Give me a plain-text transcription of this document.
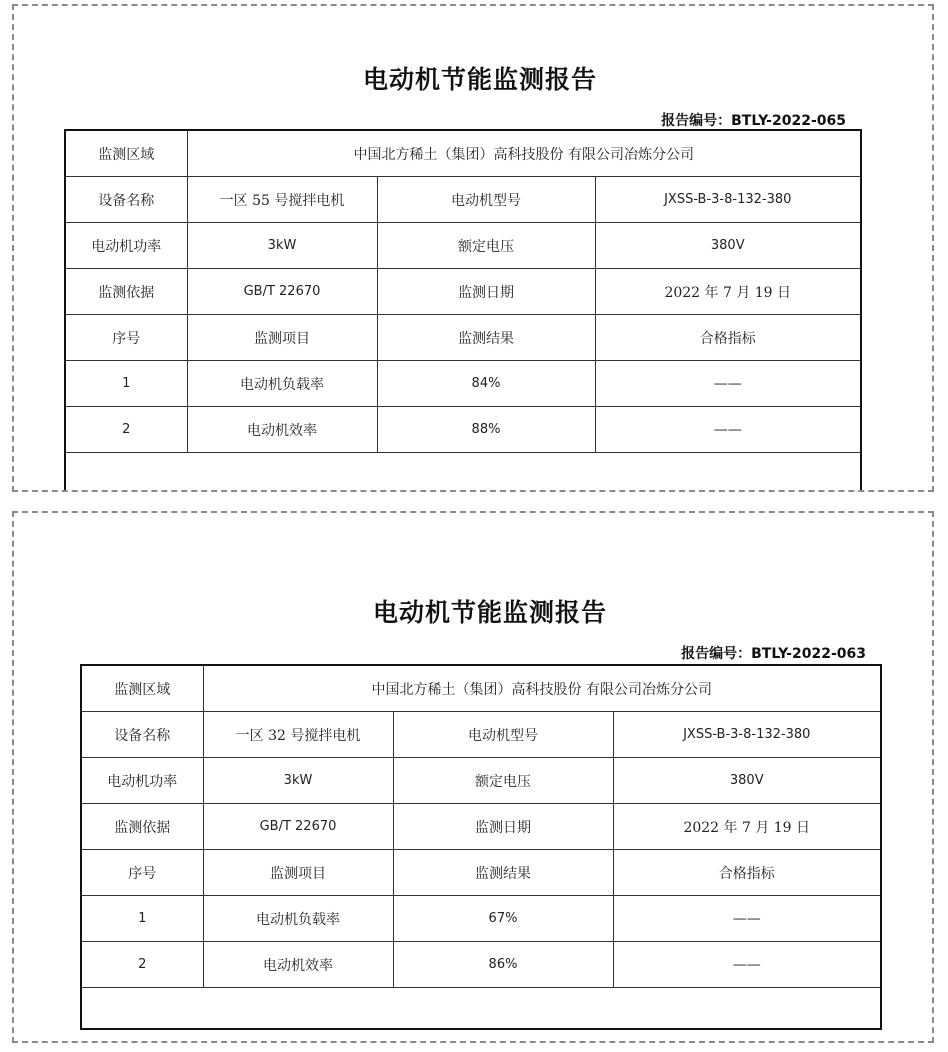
电动机节能监测报告
报告编号：BTLY-2022-065
监测区域	中国北方稀土（集团）高科技股份 有限公司冶炼分公司		
设备名称	一区 55 号搅拌电机	电动机型号	JXSS-B-3-8-132-380
电动机功率	3kW	额定电压	380V
监测依据	GB/T 22670	监测日期	2022 年 7 月 19 日
序号	监测项目	监测结果	合格指标
1	电动机负载率	84%	——
2	电动机效率	88%	——

电动机节能监测报告
报告编号：BTLY-2022-063
监测区域	中国北方稀土（集团）高科技股份 有限公司冶炼分公司		
设备名称	一区 32 号搅拌电机	电动机型号	JXSS-B-3-8-132-380
电动机功率	3kW	额定电压	380V
监测依据	GB/T 22670	监测日期	2022 年 7 月 19 日
序号	监测项目	监测结果	合格指标
1	电动机负载率	67%	——
2	电动机效率	86%	——
